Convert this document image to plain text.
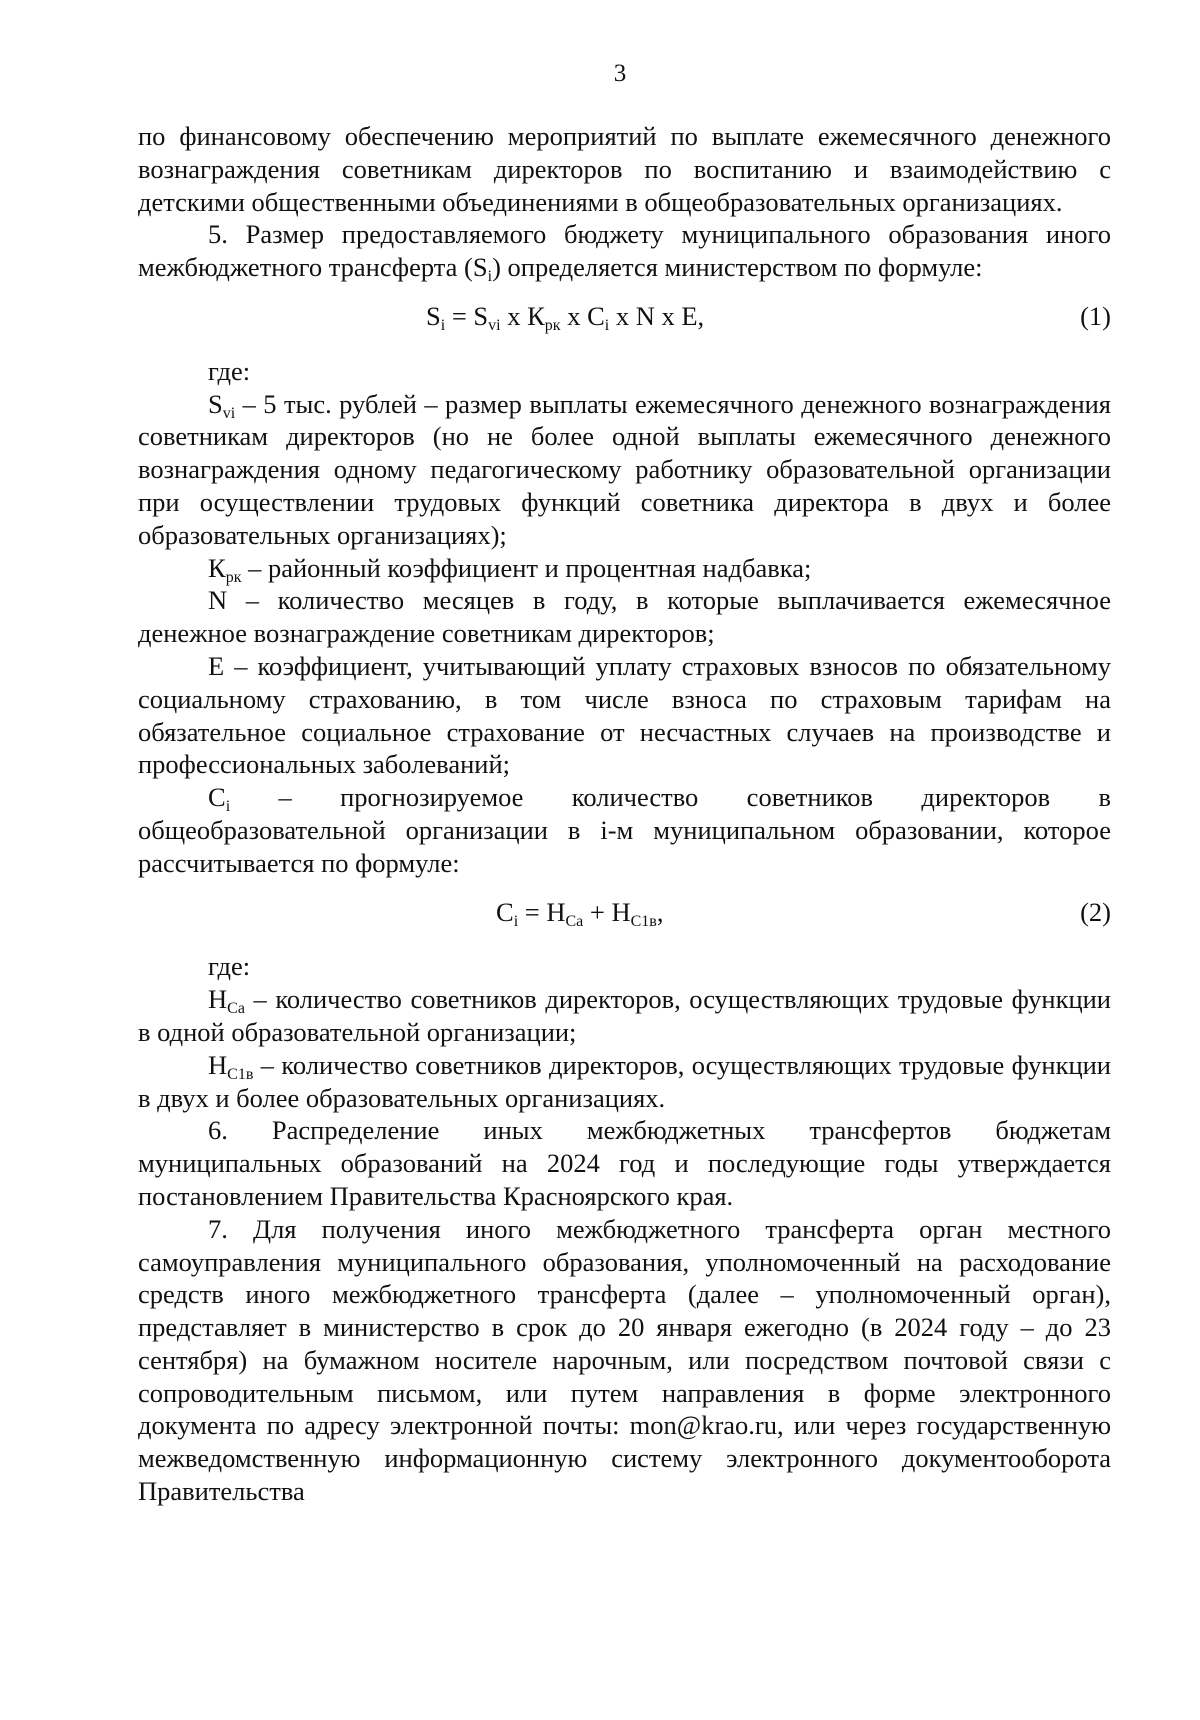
3

по финансовому обеспечению мероприятий по выплате ежемесячного денежного вознаграждения советникам директоров по воспитанию и взаимодействию с детскими общественными объединениями в общеобразовательных организациях.

5. Размер предоставляемого бюджету муниципального образования иного межбюджетного трансферта $(S_i)$ определяется министерством по формуле:

$S_i = S_{vi}$ x $К_{рк}$ x $C_i$ x N x E,	(1)

где:

$S_{vi} - 5$ тыс. рублей – размер выплаты ежемесячного денежного вознаграждения советникам директоров (но не более одной выплаты ежемесячного денежного вознаграждения одному педагогическому работнику образовательной организации при осуществлении трудовых функций советника директора в двух и более образовательных организациях);

$К_{рк}$ – районный коэффициент и процентная надбавка;

N – количество месяцев в году, в которые выплачивается ежемесячное денежное вознаграждение советникам директоров;

E – коэффициент, учитывающий уплату страховых взносов по обязательному социальному страхованию, в том числе взноса по страховым тарифам на обязательное социальное страхование от несчастных случаев на производстве и профессиональных заболеваний;

$C_i$ – прогнозируемое количество советников директоров в общеобразовательной организации в i-м муниципальном образовании, которое рассчитывается по формуле:

$C_i = H_{Ca} + H_{C1в}$,	(2)

где:

$H_{Ca}$ – количество советников директоров, осуществляющих трудовые функции в одной образовательной организации;

$H_{C1в}$ – количество советников директоров, осуществляющих трудовые функции в двух и более образовательных организациях.

6. Распределение иных межбюджетных трансфертов бюджетам муниципальных образований на 2024 год и последующие годы утверждается постановлением Правительства Красноярского края.

7. Для получения иного межбюджетного трансферта орган местного самоуправления муниципального образования, уполномоченный на расходование средств иного межбюджетного трансферта (далее – уполномоченный орган), представляет в министерство в срок до 20 января ежегодно (в 2024 году – до 23 сентября) на бумажном носителе нарочным, или посредством почтовой связи с сопроводительным письмом, или путем направления в форме электронного документа по адресу электронной почты: mon@krao.ru, или через государственную межведомственную информационную систему электронного документооборота Правительства
